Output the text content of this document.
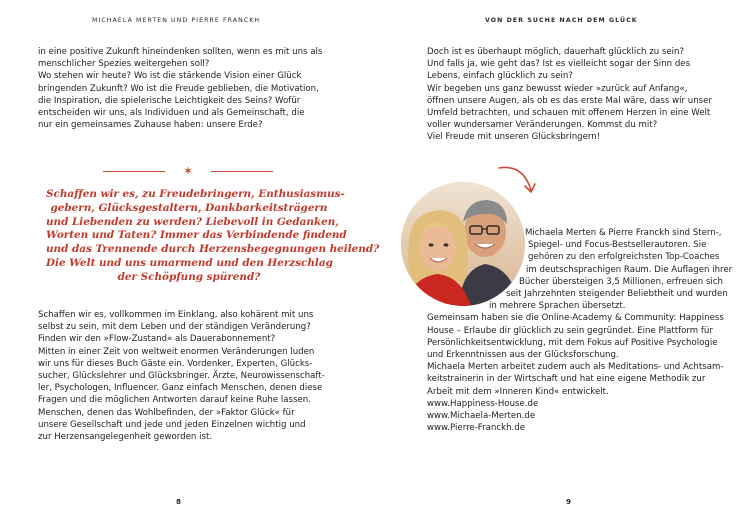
MICHAELA MERTEN UND PIERRE FRANCKH
in eine positive Zukunft hineindenken sollten, wenn es mit uns als
menschlicher Spezies weitergehen soll?
Wo stehen wir heute? Wo ist die stärkende Vision einer Glück
bringenden Zukunft? Wo ist die Freude geblieben, die Motivation,
die Inspiration, die spielerische Leichtigkeit des Seins? Wofür
entscheiden wir uns, als Individuen und als Gemeinschaft, die
nur ein gemeinsames Zuhause haben: unsere Erde?
✶
Schaffen wir es, zu Freudebringern, Enthusiasmus-
gebern, Glücksgestaltern, Dankbarkeitsträgern
und Liebenden zu werden? Liebevoll in Gedanken,
Worten und Taten? Immer das Verbindende findend
und das Trennende durch Herzensbegegnungen heilend?
Die Welt und uns umarmend und den Herzschlag
der Schöpfung spürend?
Schaffen wir es, vollkommen im Einklang, also kohärent mit uns
selbst zu sein, mit dem Leben und der ständigen Veränderung?
Finden wir den »Flow-Zustand« als Dauerabonnement?
Mitten in einer Zeit von weltweit enormen Veränderungen luden
wir uns für dieses Buch Gäste ein. Vordenker, Experten, Glücks-
sucher, Glückslehrer und Glücksbringer. Ärzte, Neurowissenschaft-
ler, Psychologen, Influencer. Ganz einfach Menschen, denen diese
Fragen und die möglichen Antworten darauf keine Ruhe lassen.
Menschen, denen das Wohlbefinden, der »Faktor Glück« für
unsere Gesellschaft und jede und jeden Einzelnen wichtig und
zur Herzensangelegenheit geworden ist.
8
VON DER SUCHE NACH DEM GLÜCK
Doch ist es überhaupt möglich, dauerhaft glücklich zu sein?
Und falls ja, wie geht das? Ist es vielleicht sogar der Sinn des
Lebens, einfach glücklich zu sein?
Wir begeben uns ganz bewusst wieder »zurück auf Anfang«,
öffnen unsere Augen, als ob es das erste Mal wäre, dass wir unser
Umfeld betrachten, und schauen mit offenem Herzen in eine Welt
voller wundersamer Veränderungen. Kommst du mit?
Viel Freude mit unseren Glücksbringern!
Michaela Merten & Pierre Franckh sind Stern-,
Spiegel- und Focus-Bestsellerautoren. Sie
gehören zu den erfolgreichsten Top-Coaches
im deutschsprachigen Raum. Die Auflagen ihrer
Bücher übersteigen 3,5 Millionen, erfreuen sich
seit Jahrzehnten steigender Beliebtheit und wurden
in mehrere Sprachen übersetzt.
Gemeinsam haben sie die Online-Academy & Community: Happiness
House – Erlaube dir glücklich zu sein gegründet. Eine Plattform für
Persönlichkeitsentwicklung, mit dem Fokus auf Positive Psychologie
und Erkenntnissen aus der Glücksforschung.
Michaela Merten arbeitet zudem auch als Meditations- und Achtsam-
keitstrainerin in der Wirtschaft und hat eine eigene Methodik zur
Arbeit mit dem »Inneren Kind« entwickelt.
www.Happiness-House.de
www.Michaela-Merten.de
www.Pierre-Franckh.de
9
